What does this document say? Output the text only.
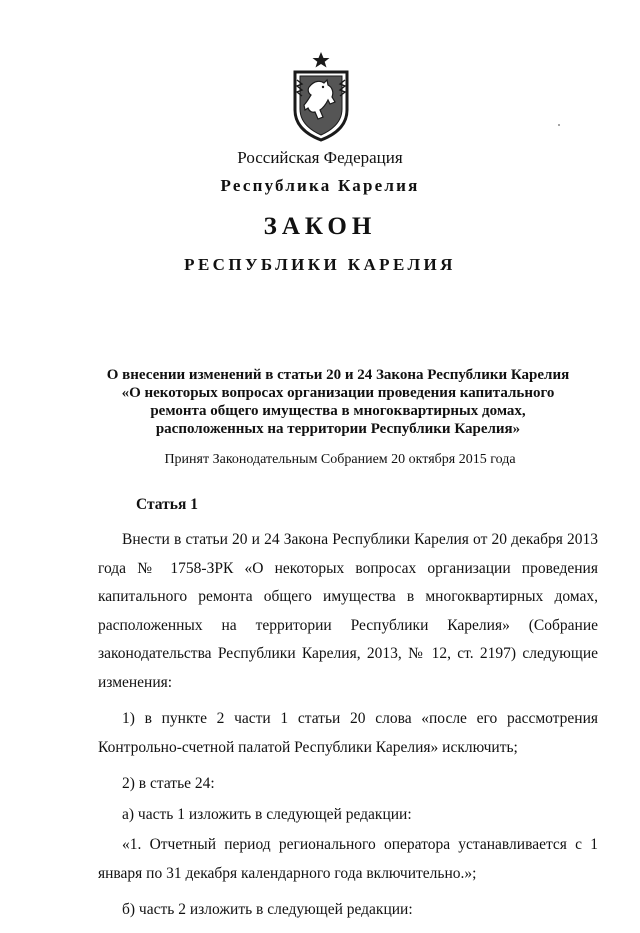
Российская Федерация
Республика Карелия
ЗАКОН
РЕСПУБЛИКИ КАРЕЛИЯ
О внесении изменений в статьи 20 и 24 Закона Республики Карелия
«О некоторых вопросах организации проведения капитального
ремонта общего имущества в многоквартирных домах,
расположенных на территории Республики Карелия»
Принят Законодательным Собранием 20 октября 2015 года
Статья 1

Внести в статьи 20 и 24 Закона Республики Карелия от 20 декабря 2013 года № 1758-ЗРК «О некоторых вопросах организации проведения капитального ремонта общего имущества в многоквартирных домах, расположенных на территории Республики Карелия» (Собрание законодательства Республики Карелия, 2013, № 12, ст. 2197) следующие изменения:

1) в пункте 2 части 1 статьи 20 слова «после его рассмотрения Контрольно-счетной палатой Республики Карелия» исключить;

2) в статье 24:

а) часть 1 изложить в следующей редакции:

«1. Отчетный период регионального оператора устанавливается с 1 января по 31 декабря календарного года включительно.»;

б) часть 2 изложить в следующей редакции:
